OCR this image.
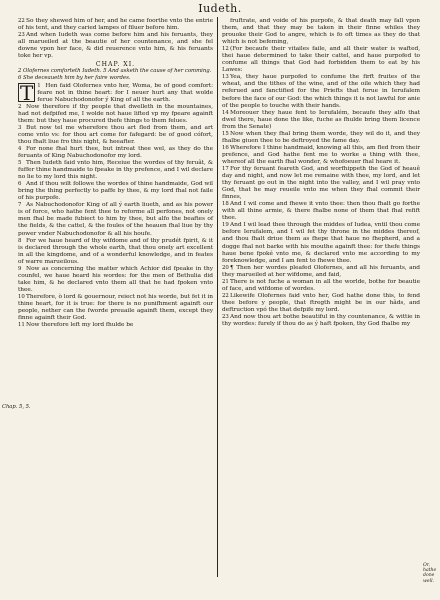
Iudeth.

22So they shewed him of her, and he came foorthe vnto the entrie of his tent, and they caried lampes of filuer before him.

23And when Iudeth was come before him and his feruants, they all marueiled at the beautie of her countenance, and she fel downe vpon her face, & did reuerence vnto him, & his feruants toke her vp.

CHAP. XI.
2 Olofernes comforteth Iudeth. 5 And asketh the cause of her comming. 6 She deceaueth him by her faire wordes.

1
T	Hen faid Olofernes vnto her, Woma, be of good comfort: feare not in thine heart: for I neuer hurt any that wolde ferue Nabuchodonofor ý King of all the earth.

2 Now therefore if thy people that dwelleth in the mountaines, had not defpifed me, I wolde not haue lifted vp my fpeare againft them: but they haue procured thefe things to them felues.

3 But now tel me wherefore thou art fled from them, and art come vnto vs: for thou art come for fafegard: be of good cófort, thou fhalt liue fro this night, & heeafter.

4 For none fhal hurt thee, but intreat thee wel, as they do the feruants of King Nabuchodonofor my lord.

5 Then Iudeth faid vnto him, Receiue the wordes of thy feruãt, & fuffer thine handmaide to fpeake in thy prefence, and I wil declare no lie to my lord this night.

6 And if thou wilt followe the wordes of thine handmaide, God wil bring the thing perfectly to paffe by thee, & my lord fhal not faile of his purpofe.

7 As Nabuchodonofor King of all ý earth liueth, and as his power is of force, who hathe fent thee to reforme all perfones, not onely men fhal be made fubiect to him by thee, but alfo the beaftes of the fields, & the cattel, & the foules of the heauen fhal liue by thy power vnder Nabuchodonofor & all his houfe.

8 For we haue heard of thy wifdome and of thy prudét fpirit, & it is declared through the whole earth, that thou onely art excellent in all the kingdome, and of a wonderful knowledge, and in feates of warre marueilous.

9 Now as concerning the matter which Achior did fpeake in thy counfel, we haue heard his wordes: for the men of Bethulia did take him, & he declared vnto them all that he had fpoken vnto thee.

10Therefore, ò lord & gouernour, reiect not his worde, but fet it in thine heart, for it is true: for there is no punifhment againft our people, nether can the fworde preuaile againft them, except they finne againft their God.

11Now therefore left my lord fhulde be

fruftrate, and voide of his purpofe, & that death may fall vpon them, and that they may be taken in their finne whiles they prouoke their God to angre, which is fo oft times as they do that which is not befeming,

12(For becaufe their vitailes faile, and all their water is wafted, thei haue determined to take their cattel, and haue purpofed to confume all things that God had forbidden them to eat by his Lawes:

13Yea, they haue purpofed to confume the firft fruites of the wheat, and the tithes of the wine, and of the oile which they had referued and fanctified for the Priefts that ferue in Ierufalem before the face of our God: the which things it is not lawful for anie of the people to touche with their hands.

14Moreouer they haue fent to Ierufalém, becaufe they alfo that dwel there, haue done the like, fuche as fhulde bring them licence from the Senate)

15Now when they fhal bring them worde, they wil do it, and they fhalbe giuen thee to be deftroyed the fame day.

16Wherefore I thine handmaid, knowing all this, am fled from their prefence, and God hathe fent me to worke a thing with thee, whereof all the earth fhal wonder, & whofoeuer fhal heare it.

17For thy feruant feareth God, and worfhippeth the God of heauê day and night, and now let me remaine with thee, my lord, and let thy feruant go out in the night into the valley, and I wil pray vnto God, that he may reueile vnto me when they fhal commit their finnes,

18And I wil come and fhewe it vnto thee: then thou fhalt go forthe with all thine armie, & there fhalbe none of them that fhal refift thee.

19And I wil lead thee through the middes of Iudea, vntil thou come before Ierufalem, and I wil fet thy throne in the middes thereof, and thou fhalt driue them as fhepe that haue no fhepherd, and a dogge fhal not barke with his mouthe againft thee: for thefe things haue bene fpoké vnto me, & declared vnto me according to my foreknowledge, and I am fent to fhewe thee.

20¶ Then her wordes pleafed Olofernes, and all his feruants, and they marueiled at her wifdome, and faid,

21There is not fuche a woman in all the worlde, bothe for beautie of face, and wifdome of wordes.

22Likewife Olofernes faid vnto her, God hathe done this, to fend thee before y people, that ftregth might be in our hãds, and deftruction vpó the that defpife my lord.

23And now thou art bothe beautiful in thy countenance, & wittie in thy wordes: furely if thou do as ý haft fpoken, thy God fhalbe my

Chap. 5, 5.
Or, hathe done well.
